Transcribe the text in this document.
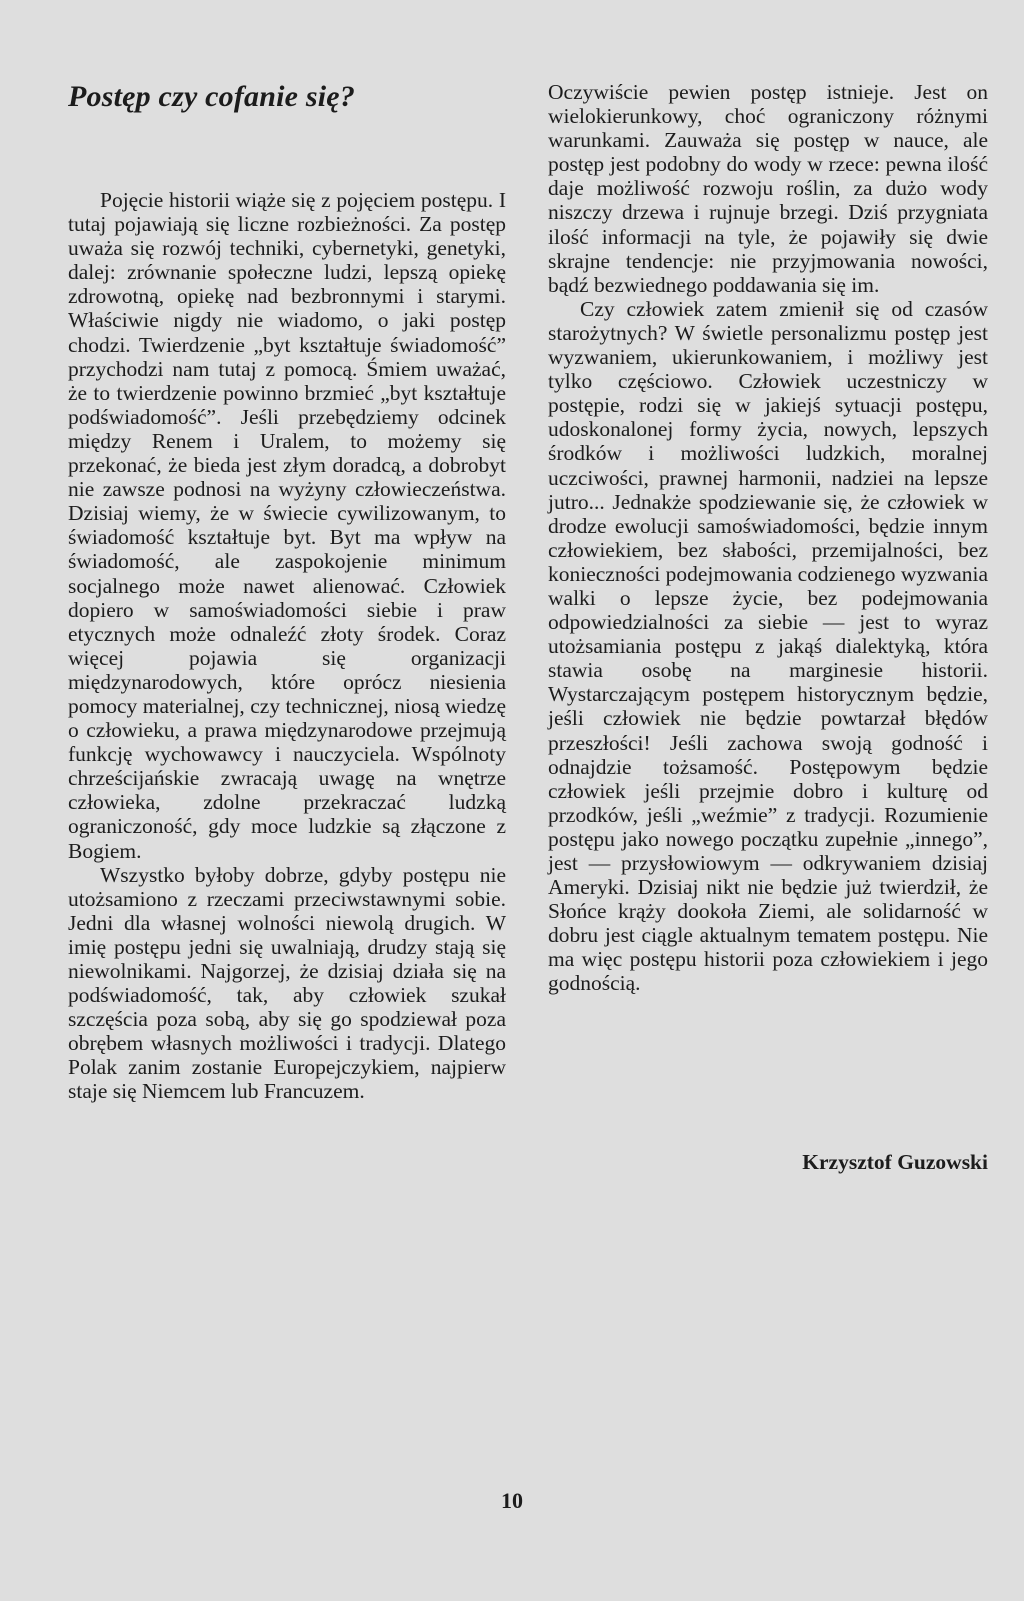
Postęp czy cofanie się?

Pojęcie historii wiąże się z pojęciem postępu. I tutaj pojawiają się liczne rozbieżności. Za postęp uważa się rozwój techniki, cybernetyki, genetyki, dalej: zrównanie społeczne ludzi, lepszą opiekę zdrowotną, opiekę nad bezbronnymi i starymi. Właściwie nigdy nie wiadomo, o jaki postęp chodzi. Twierdzenie „byt kształtuje świadomość” przychodzi nam tutaj z pomocą. Śmiem uważać, że to twierdzenie powinno brzmieć „byt kształtuje podświadomość”. Jeśli przebędziemy odcinek między Renem i Uralem, to możemy się przekonać, że bieda jest złym doradcą, a dobrobyt nie zawsze podnosi na wyżyny człowieczeństwa. Dzisiaj wiemy, że w świecie cywilizowanym, to świadomość kształtuje byt. Byt ma wpływ na świadomość, ale zaspokojenie minimum socjalnego może nawet alienować. Człowiek dopiero w samoświadomości siebie i praw etycznych może odnaleźć złoty środek. Coraz więcej pojawia się organizacji międzynarodowych, które oprócz niesienia pomocy materialnej, czy technicznej, niosą wiedzę o człowieku, a prawa międzynarodowe przejmują funkcję wychowawcy i nauczyciela. Wspólnoty chrześcijańskie zwracają uwagę na wnętrze człowieka, zdolne przekraczać ludzką ograniczoność, gdy moce ludzkie są złączone z Bogiem.

Wszystko byłoby dobrze, gdyby postępu nie utożsamiono z rzeczami przeciwstawnymi sobie. Jedni dla własnej wolności niewolą drugich. W imię postępu jedni się uwalniają, drudzy stają się niewolnikami. Najgorzej, że dzisiaj działa się na podświadomość, tak, aby człowiek szukał szczęścia poza sobą, aby się go spodziewał poza obrębem własnych możliwości i tradycji. Dlatego Polak zanim zostanie Europejczykiem, najpierw staje się Niemcem lub Francuzem.

Oczywiście pewien postęp istnieje. Jest on wielokierunkowy, choć ograniczony różnymi warunkami. Zauważa się postęp w nauce, ale postęp jest podobny do wody w rzece: pewna ilość daje możliwość rozwoju roślin, za dużo wody niszczy drzewa i rujnuje brzegi. Dziś przygniata ilość informacji na tyle, że pojawiły się dwie skrajne tendencje: nie przyjmowania nowości, bądź bezwiednego poddawania się im.

Czy człowiek zatem zmienił się od czasów starożytnych? W świetle personalizmu postęp jest wyzwaniem, ukierunkowaniem, i możliwy jest tylko częściowo. Człowiek uczestniczy w postępie, rodzi się w jakiejś sytuacji postępu, udoskonalonej formy życia, nowych, lepszych środków i możliwości ludzkich, moralnej uczciwości, prawnej harmonii, nadziei na lepsze jutro... Jednakże spodziewanie się, że człowiek w drodze ewolucji samoświadomości, będzie innym człowiekiem, bez słabości, przemijalności, bez konieczności podejmowania codzienego wyzwania walki o lepsze życie, bez podejmowania odpowiedzialności za siebie — jest to wyraz utożsamiania postępu z jakąś dialektyką, która stawia osobę na marginesie historii. Wystarczającym postępem historycznym będzie, jeśli człowiek nie będzie powtarzał błędów przeszłości! Jeśli zachowa swoją godność i odnajdzie tożsamość. Postępowym będzie człowiek jeśli przejmie dobro i kulturę od przodków, jeśli „weźmie” z tradycji. Rozumienie postępu jako nowego początku zupełnie „innego”, jest — przysłowiowym — odkrywaniem dzisiaj Ameryki. Dzisiaj nikt nie będzie już twierdził, że Słońce krąży dookoła Ziemi, ale solidarność w dobru jest ciągle aktualnym tematem postępu. Nie ma więc postępu historii poza człowiekiem i jego godnością.

Krzysztof Guzowski
10
